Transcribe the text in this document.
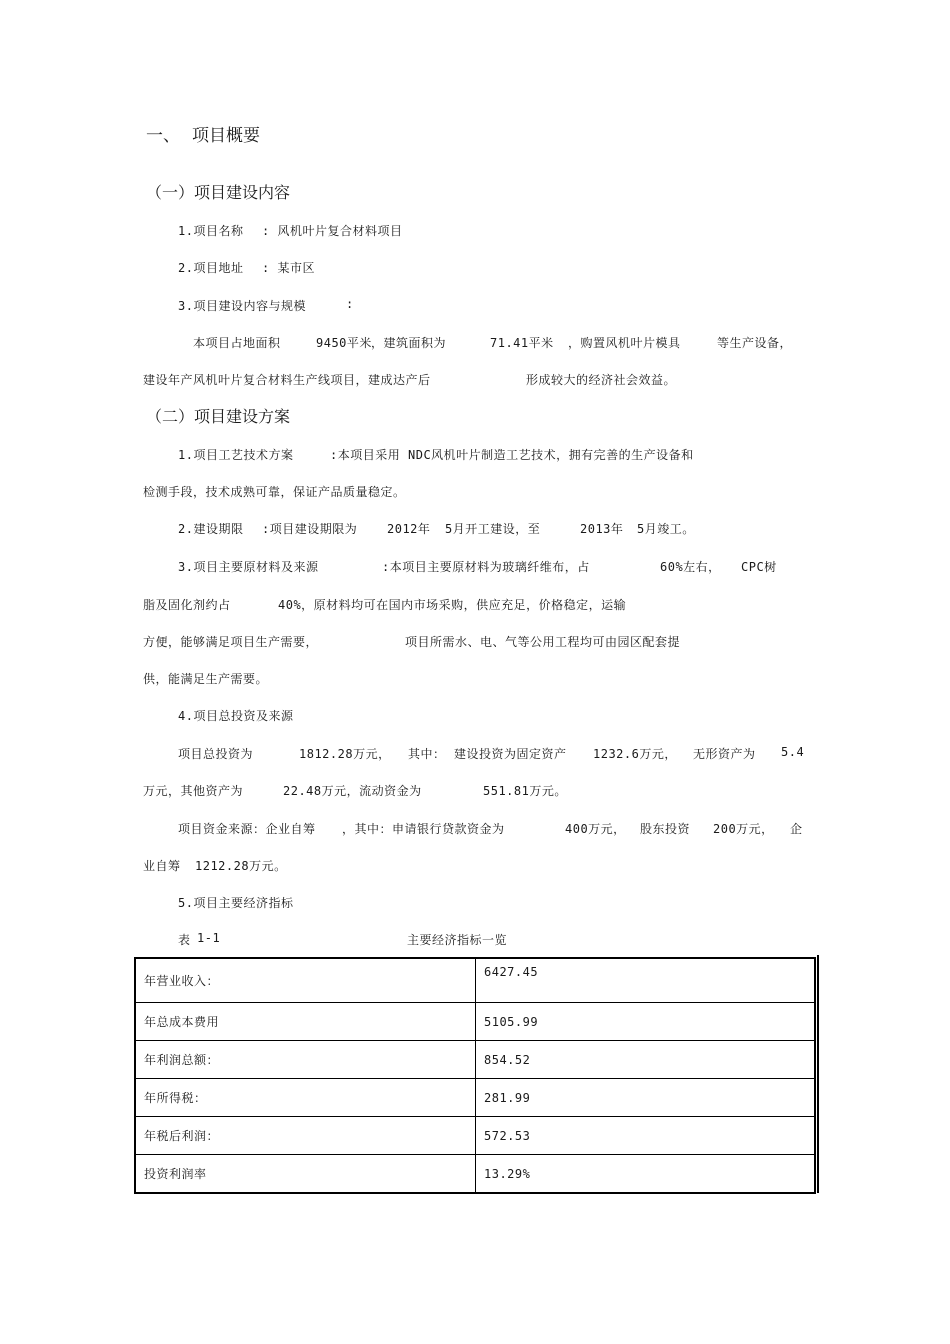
一、 项目概要
（一）项目建设内容
1.项目名称 : 风机叶片复合材料项目
2.项目地址 : 某市区
3.项目建设内容与规模	:
本项目占地面积	9450平米 ，建筑面积为	71.41平米 ，购置风机叶片模具	等生产设备，
建设年产风机叶片复合材料生产线项目，建成达产后	形成较大的经济社会效益。
（二）项目建设方案
1.项目工艺技术方案	:本项目采用 NDC风机叶片制造工艺技术，拥有完善的生产设备和
检测手段，技术成熟可靠，保证产品质量稳定。
2.建设期限 :项目建设期限为 2012年 5月开工建设，至	2013年 5月竣工。
3.项目主要原材料及来源	:本项目主要原材料为玻璃纤维布，占	60%左右， CPC树
脂及固化剂约占	40%，原材料均可在国内市场采购，供应充足，价格稳定，运输
方便，能够满足项目生产需要，	项目所需水、电、气等公用工程均可由园区配套提
供，能满足生产需要。
4.项目总投资及来源
项目总投资为	1812.28万元， 其中： 建设投资为固定资产 1232.6万元， 无形资产为 5.4
万元，其他资产为	22.48万元，流动资金为	551.81万元。
项目资金来源：企业自筹 ，其中：申请银行贷款资金为	400万元， 股东投资 200万元， 企
业自筹 1212.28万元。
5.项目主要经济指标
表 1-1	主要经济指标一览
年营业收入：	6427.45
年总成本费用	5105.99
年利润总额：	854.52
年所得税：	281.99
年税后利润：	572.53
投资利润率	13.29%
